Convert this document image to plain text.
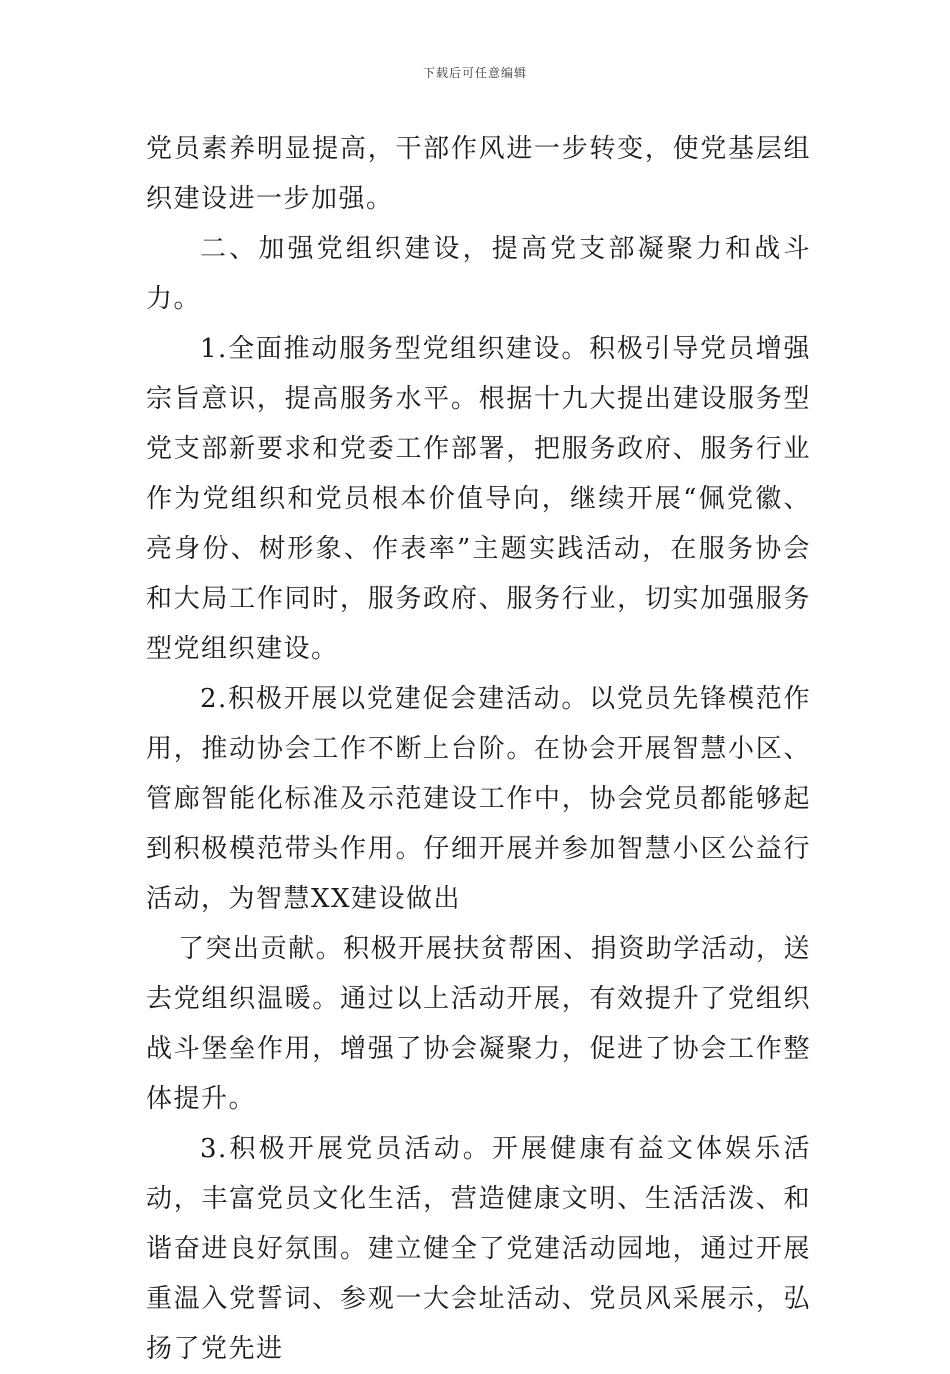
下载后可任意编辑

党员素养明显提高，干部作风进一步转变，使党基层组织建设进一步加强。

二、加强党组织建设，提高党支部凝聚力和战斗力。

1.全面推动服务型党组织建设。积极引导党员增强宗旨意识，提高服务水平。根据十九大提出建设服务型党支部新要求和党委工作部署，把服务政府、服务行业作为党组织和党员根本价值导向，继续开展“佩党徽、亮身份、树形象、作表率”主题实践活动，在服务协会和大局工作同时，服务政府、服务行业，切实加强服务型党组织建设。

2.积极开展以党建促会建活动。以党员先锋模范作用，推动协会工作不断上台阶。在协会开展智慧小区、管廊智能化标准及示范建设工作中，协会党员都能够起到积极模范带头作用。仔细开展并参加智慧小区公益行活动，为智慧XX建设做出

了突出贡献。积极开展扶贫帮困、捐资助学活动，送去党组织温暖。通过以上活动开展，有效提升了党组织战斗堡垒作用，增强了协会凝聚力，促进了协会工作整体提升。

3.积极开展党员活动。开展健康有益文体娱乐活动，丰富党员文化生活，营造健康文明、生活活泼、和谐奋进良好氛围。建立健全了党建活动园地，通过开展重温入党誓词、参观一大会址活动、党员风采展示，弘扬了党先进
